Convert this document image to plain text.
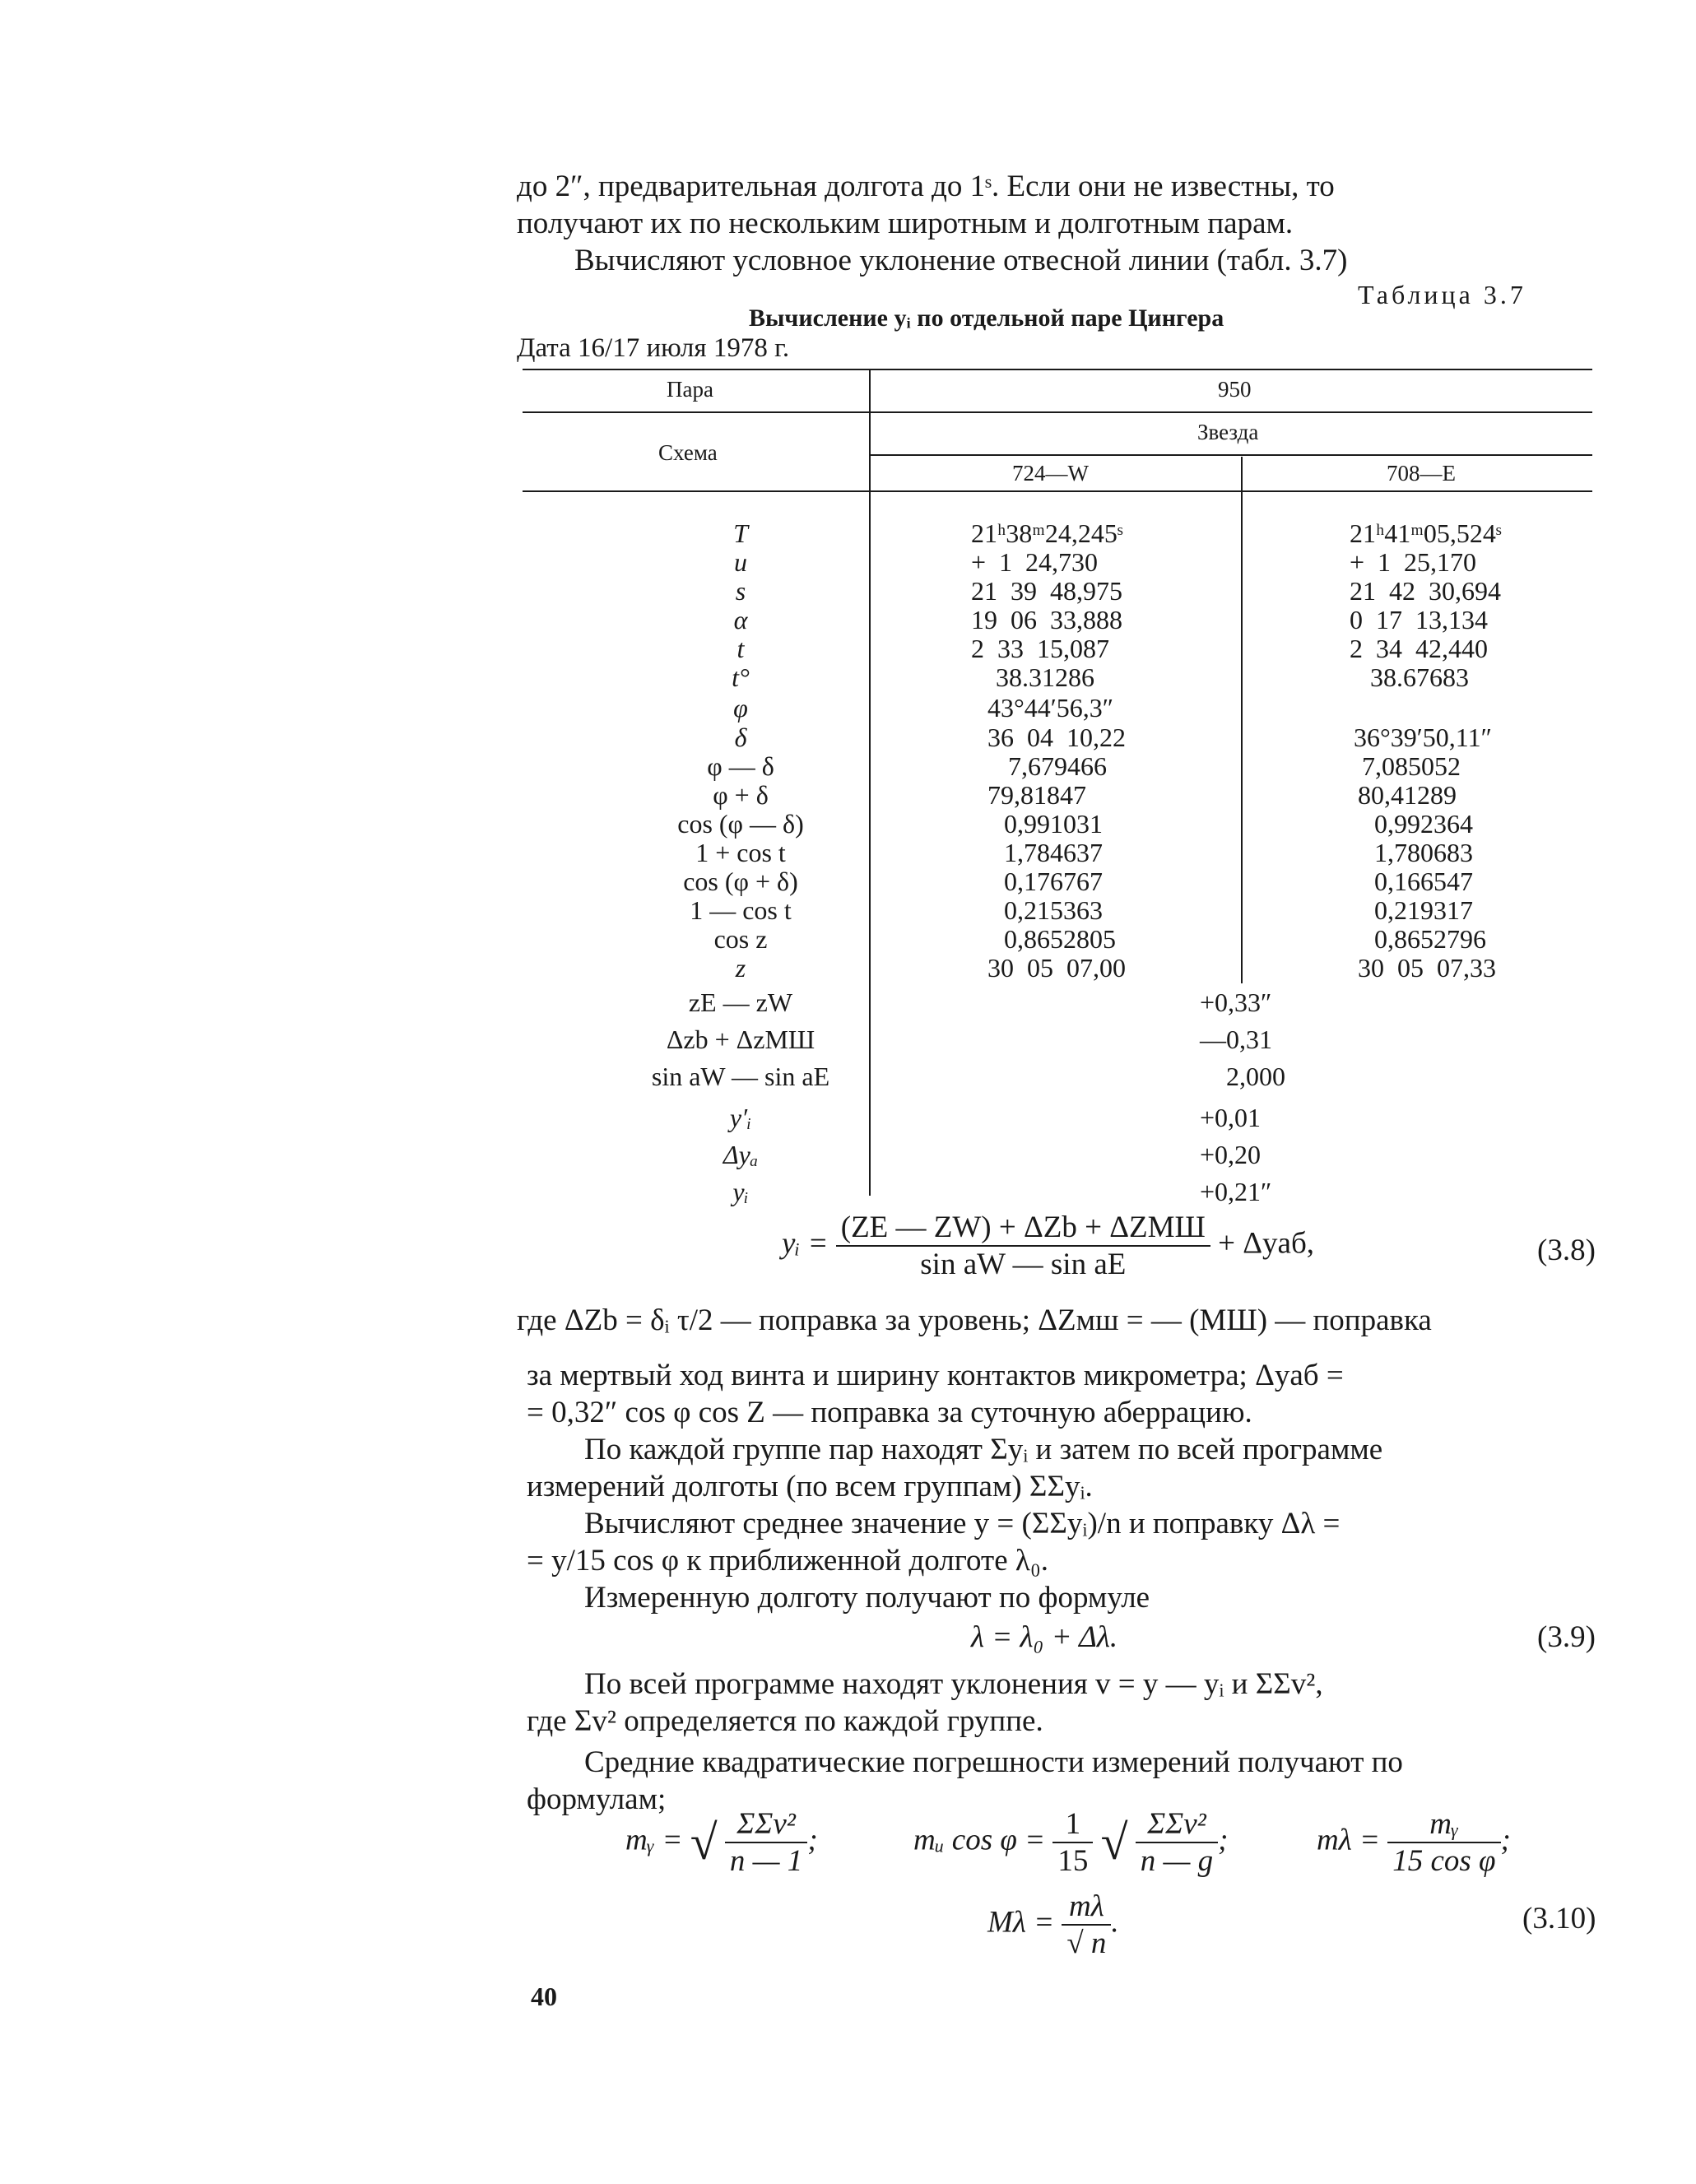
до 2″, предварительная долгота до 1ˢ. Если они не известны, то
получают их по нескольким широтным и долготным парам.
Вычисляют условное уклонение отвесной линии (табл. 3.7)
Таблица 3.7
Вычисление yᵢ по отдельной паре Цингера
Дата 16/17 июля 1978 г.
Пара	950
Схема
Звезда
724—W	708—E
T	21ʰ38ᵐ24,245ˢ	21ʰ41ᵐ05,524ˢ
u	+  1  24,730	+  1  25,170
s	21  39  48,975	21  42  30,694
α	19  06  33,888	0  17  13,134
t	2  33  15,087	2  34  42,440
t°	38.31286	38.67683
φ	43°44′56,3″
δ	36  04  10,22	36°39′50,11″
φ — δ	7,679466	7,085052
φ + δ	79,81847	80,41289
cos (φ — δ)	0,991031	0,992364
1 + cos t	1,784637	1,780683
cos (φ + δ)	0,176767	0,166547
1 — cos t	0,215363	0,219317
cos z	0,8652805	0,8652796
z	30  05  07,00	30  05  07,33
zE — zW	+0,33″
Δzb + ΔzМШ	—0,31
sin aW — sin aE	2,000
y′ᵢ	+0,01
Δyₐ	+0,20
yᵢ	+0,21″
yᵢ = $\frac{\text{(ZE — ZW) + ΔZb + ΔZМШ}}{\text{sin aW — sin aE}} + \Delta yаб$,	(3.8)
где ΔZb = δᵢ τ/2 — поправка за уровень; ΔZмш = — (МШ) — поправка
за мертвый ход винта и ширину контактов микрометра; Δyаб =
= 0,32″ cos φ cos Z — поправка за суточную аберрацию.
По каждой группе пар находят Σyᵢ и затем по всей программе
измерений долготы (по всем группам) ΣΣyᵢ.
Вычисляют среднее значение y = (ΣΣyᵢ)/n и поправку Δλ =
= y/15 cos φ к приближенной долготе λ₀.
Измеренную долготу получают по формуле
λ = λ₀ + Δλ.	(3.9)
По всей программе находят уклонения v = y — yᵢ и ΣΣv²,
где Σv² определяется по каждой группе.
Средние квадратические погрешности измерений получают по
формулам;
mᵧ = √ $\frac{\text{ΣΣv²}}{n — 1}$ ;	mᵤ $\cos \varphi = \frac{1}{15}$ √ $\frac{\text{ΣΣv²}}{n — g}$ ;	$m\lambda = \frac{\text{mᵧ}}{\text{15 cos φ}}$ ;
$M\lambda = \frac{m\lambda}{√ n}$ .	(3.10)
40
